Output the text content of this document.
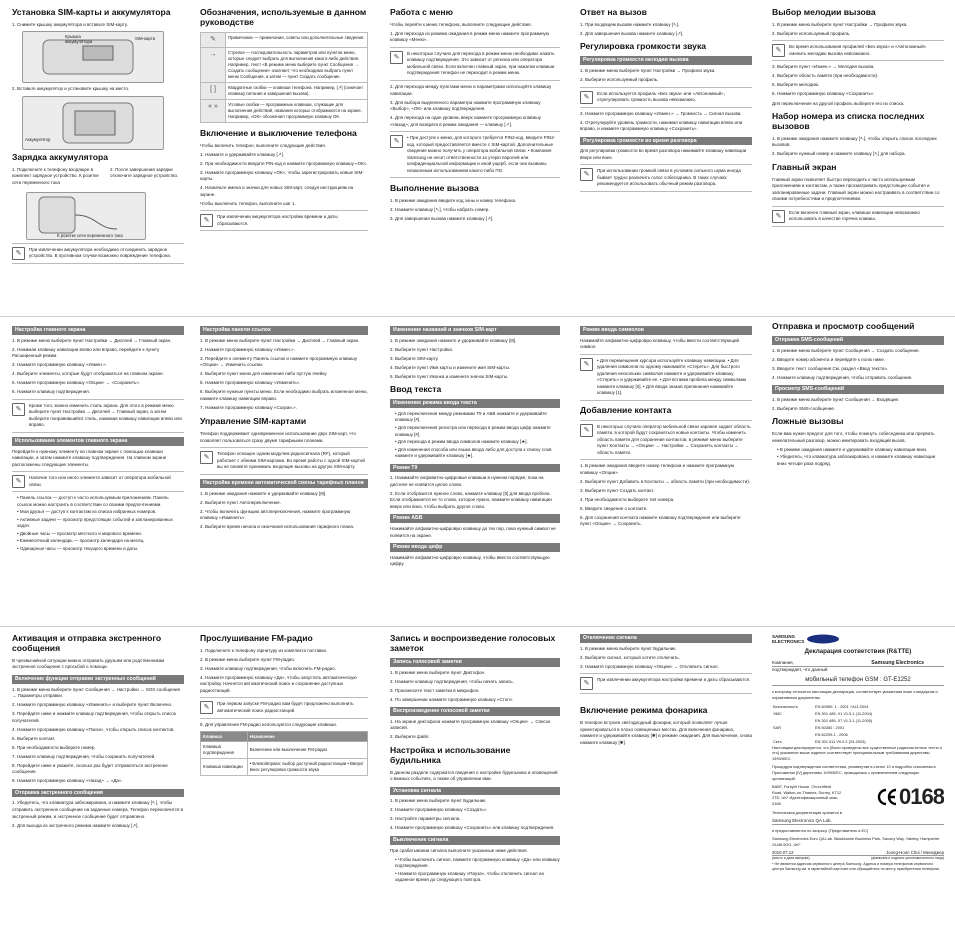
Установка SIM-карты и аккумулятора

1. Снимите крышку аккумулятора и вставьте SIM-карту.

Крышка аккумулятора
SIM-карта

2. Вставьте аккумулятор и установите крышку на место.

Аккумулятор
Зарядка аккумулятора

1. Подключите к телефону входящее в комплект зарядное устройство. К розетке сети переменного тока

2. После завершения зарядки отключите зарядное устройство.

К розетке сети переменного тока
✎

При извлечении аккумулятора необходимо отсоединить зарядное устройство. В противном случае возможно повреждение телефона.

Обозначения, используемые в данном руководстве
✎	Примечание — примечания, советы или дополнительные сведения.
→	Стрелка — последовательность параметров или пунктов меню, которые следует выбрать для выполнения какого-либо действия. Например, текст «В режиме меню выберите пункт Сообщения → Создать сообщение» означает, что необходимо выбрать пункт меню Сообщения, а затем — пункт Создать сообщение.
[ ]	Квадратные скобки — клавиши телефона. Например, [↗] (означает клавишу питания и завершения вызова).
« »	Угловые скобки — программные клавиши, служащие для выполнения действий, названия которых отображаются на экране. Например, «ОК» обозначает программную клавишу ОК.
Включение и выключение телефона

Чтобы включить телефон, выполните следующие действия.

1. Нажмите и удерживайте клавишу [↗].

2. При необходимости введите PIN-код и нажмите программную клавишу «ОК».

3. Нажмите программную клавишу «ОК», чтобы зарегистрировать новые SIM-карты.

4. Назначьте имена и значки для новых SIM-карт, следуя инструкциям на экране.

Чтобы выключить телефон, выполните шаг 1.

✎

При извлечении аккумулятора настройки времени и даты сбрасываются.

Работа с меню

Чтобы перейти к меню телефона, выполните следующие действия.

1. Для перехода из режима ожидания в режим меню нажмите программную клавишу «Меню».

✎

В некоторых случаях для перехода в режим меню необходимо нажать клавишу подтверждения. Это зависит от региона или оператора мобильной связи. Если включен главный экран, при нажатии клавиши подтверждения телефон не переходит в режим меню.

2. Для перехода между пунктами меню и параметрами используйте клавишу навигации.

3. Для выбора выделенного параметра нажмите программную клавишу «Выбор», «ОК» или клавишу подтверждения.

4. Для перехода на один уровень вверх нажмите программную клавишу «Назад»; для возврата в режим ожидания — клавишу [↗].

✎

• При доступе к меню, для которого требуется PIN2-код, введите PIN2-код, который предоставляется вместе с SIM-картой. Дополнительные сведения можно получить у оператора мобильной связи. • Компания Samsung не несет ответственности за утерю паролей или конфиденциальной информации и иной ущерб, если они вызваны незаконным использованием какого-либо ПО.

Выполнение вызова

1. В режиме ожидания введите код зоны и номер телефона.

2. Нажмите клавишу [↖], чтобы набрать номер.

3. Для завершения вызова нажмите клавишу [↗].

Ответ на вызов

1. При входящем вызове нажмите клавишу [↖].

2. Для завершения вызова нажмите клавишу [↗].

Регулировка громкости звука
Регулировка громкости мелодии вызова

1. В режиме меню выберите пункт Настройки → Профили звука.

2. Выберите используемый профиль.

✎

Если используется профиль «Без звука» или «Автономный», отрегулировать громкость вызова невозможно.

3. Нажмите программную клавишу «Измен.» → Громкость → Сигнал вызова.

4. Отрегулируйте уровень громкости, нажимая клавишу навигации влево или вправо, и нажмите программную клавишу «Сохранить».

Регулировка громкости во время разговора

Для регулировки громкости во время разговора нажимайте клавишу навигации вверх или вниз.

✎

При использовании громкой связи в условиях сильного шума иногда бывает трудно различить голос собеседника. В таких случаях рекомендуется использовать обычный режим разговора.

Выбор мелодии вызова

1. В режиме меню выберите пункт Настройки → Профили звука.

2. Выберите используемый профиль.

✎

Во время использования профилей «Без звука» и «Автономный» сменить мелодию вызова невозможно.

3. Выберите пункт «Измен.» → Мелодия вызова.

4. Выберите область памяти (при необходимости).

5. Выберите мелодию.

6. Нажмите программную клавишу «Сохранить».

Для переключения на другой профиль выберите его из списка.

Набор номера из списка последних вызовов

1. В режиме ожидания нажмите клавишу [↖], чтобы открыть список последних вызовов.

2. Выберите нужный номер и нажмите клавишу [↖] для набора.

Главный экран

Главный экран позволяет быстро переходить к часто используемым приложениям и контактам, а также просматривать предстоящие события и запланированные задачи. Главный экран можно настраивать в соответствии со своими потребностями и предпочтениями.

✎

Если включен главный экран, клавиши навигации невозможно использовать в качестве горячих клавиш.

Настройка главного экрана

1. В режиме меню выберите пункт Настройки → Дисплей → Главный экран.

2. Нажимая клавишу навигации влево или вправо, перейдите к пункту Расширенный режим.

3. Нажмите программную клавишу «Измен.».

4. Выберите элементы, которые будут отображаться на главном экране.

5. Нажмите программную клавишу «Опции» → «Сохранить».

6. Нажмите клавишу подтверждения.

✎

Кроме того, можно изменить стиль экрана. Для этого в режиме меню выберите пункт Настройки → Дисплей → Главный экран, а затем выберите понравившийся стиль, нажимая клавишу навигации влево или вправо.

Использование элементов главного экрана

Перейдите к нужному элементу на главном экране с помощью клавиши навигации, а затем нажмите клавишу подтверждения. На главном экране расположены следующие элементы.

✎

Наличие того или иного элемента зависит от оператора мобильной связи.

• Панель ссылок — доступ к часто используемым приложениям. Панель ссылок можно настроить в соответствии со своими предпочтениями.

• Мои друзья — доступ к контактам из списка избранных номеров.

• Активные задачи — просмотр предстоящих событий и запланированных задач.

• Двойные часы — просмотр местного и мирового времени.

• Ежемесячный календарь — просмотр календаря на месяц.

• Одинарные часы — просмотр текущего времени и даты.

Настройка панели ссылок

1. В режиме меню выберите пункт Настройки → Дисплей → Главный экран.

2. Нажмите программную клавишу «Измен.».

3. Перейдите к элементу Панель ссылок и нажмите программную клавишу «Опции» → Изменить ссылки.

4. Выберите пункт меню для изменения либо пустую ячейку.

5. Нажмите программную клавишу «Изменить».

6. Выберите нужные пункты меню. Если необходимо выбрать вложенное меню, нажмите клавишу навигации вправо.

7. Нажмите программную клавишу «Сохран.».

Управление SIM-картами

Телефон поддерживает одновременное использование двух SIM-карт, что позволяет пользоваться сразу двумя тарифными планами.

✎

Телефон оснащен одним модулем радиосигнала (RF), который работает с обеими SIM-картами. Во время работы с одной SIM-картой вы не сможете принимать входящие вызовы на другую SIM-карту.

Настройка времени автоматической смены тарифных планов

1. В режиме ожидания нажмите и удерживайте клавишу [⊟].

2. Выберите пункт Автопереключение.

3. Чтобы включить функцию автопереключения, нажмите программную клавишу «Изменить».

4. Выберите время начала и окончания использования тарифного плана.

Изменение названий и значков SIM-карт

1. В режиме ожидания нажмите и удерживайте клавишу [⊟].

2. Выберите пункт Настройка.

3. Выберите SIM-карту.

4. Выберите пункт Имя карты и измените имя SIM-карты.

5. Выберите пункт Иконка и измените значок SIM-карты.

Ввод текста
Изменение режима ввода текста

• Для переключения между режимами T9 и АБВ нажмите и удерживайте клавишу [#].

• Для переключения регистра или перехода в режим ввода цифр нажмите клавишу [#].

• Для перехода в режим ввода символов нажмите клавишу [★].

• Для изменения способа или языка ввода либо для доступа к списку слов нажмите и удерживайте клавишу [★].

Режим T9

1. Нажимайте алфавитно-цифровые клавиши в нужном порядке, пока на дисплее не появится целое слово.

2. Если отобразится нужное слово, нажмите клавишу [0] для ввода пробела. Если отображается не то слово, которое нужно, нажмите клавишу навигации вверх или вниз, чтобы выбрать другое слово.

Режим АБВ

Нажимайте алфавитно-цифровую клавишу до тех пор, пока нужный символ не появится на экране.

Режим ввода цифр

Нажимайте алфавитно-цифровую клавишу, чтобы ввести соответствующую цифру.

Режим ввода символов

Нажимайте алфавитно-цифровую клавишу, чтобы ввести соответствующий символ.

✎

• Для перемещения курсора используйте клавишу навигации. • Для удаления символов по одному нажимайте «Стереть». Для быстрого удаления нескольких символов нажмите и удерживайте клавишу «Стереть» и удерживайте ее. • Для вставки пробела между символами нажмите клавишу [0]. • Для ввода знаков препинания нажимайте клавишу [1].

Добавление контакта
✎

В некоторых случаях оператор мобильной связи заранее задает область памяти, в которой будут сохраняться новые контакты. Чтобы изменить область памяти для сохранения контактов, в режиме меню выберите пункт Контакты → «Опции» → Настройки → Сохранять контакты → область памяти.

1. В режиме ожидания введите номер телефона и нажмите программную клавишу «Опции».

2. Выберите пункт Добавить в Контакты → область памяти (при необходимости).

3. Выберите пункт Создать контакт.

4. При необходимости выберите тип номера.

5. Введите сведения о контакте.

6. Для сохранения контакта нажмите клавишу подтверждения или выберите пункт «Опции» → Сохранить.

Отправка и просмотр сообщений
Отправка SMS-сообщений

1. В режиме меню выберите пункт Сообщения → Создать сообщение.

2. Введите номер абонента и перейдите к полю ниже.

3. Введите текст сообщения См. раздел «Ввод текста».

4. Нажмите клавишу подтверждения, чтобы отправить сообщение.

Просмотр SMS-сообщений

1. В режиме меню выберите пункт Сообщения → Входящие.

2. Выберите SMS-сообщение.

Ложные вызовы

Если вам нужен предлог для того, чтобы покинуть собеседника или прервать нежелательный разговор, можно имитировать входящий вызов.

• В режиме ожидания нажмите и удерживайте клавишу навигации вниз.

• Убедитесь, что клавиатура заблокирована, и нажмите клавишу навигации вниз четыре раза подряд.

Активация и отправка экстренного сообщения

В чрезвычайной ситуации можно отправить друзьям или родственникам экстренное сообщение с просьбой о помощи.

Включение функции отправки экстренных сообщений

1. В режиме меню выберите пункт Сообщения → Настройки → SOS сообщения → Параметры отправки.

2. Нажмите программную клавишу «Изменить» и выберите пункт Включено.

3. Перейдите ниже и нажмите клавишу подтверждения, чтобы открыть список получателей.

4. Нажмите программную клавишу «Поиск», чтобы открыть список контактов.

5. Выберите контакт.

6. При необходимости выберите номер.

7. Нажмите клавишу подтверждения, чтобы сохранить получателей.

8. Перейдите ниже и укажите, сколько раз будет отправляться экстренное сообщение.

9. Нажмите программную клавишу «Назад» → «Да».

Отправка экстренного сообщения

1. Убедитесь, что клавиатура заблокирована, и нажмите клавишу [↖], чтобы отправить экстренное сообщение на заданные номера. Телефон переключится в экстренный режим, и экстренное сообщение будет отправлено.

2. Для выхода из экстренного режима нажмите клавишу [↗].

Прослушивание FM-радио

1. Подключите к телефону гарнитуру из комплекта поставки.

2. В режиме меню выберите пункт FM-радио.

3. Нажмите клавишу подтверждения, чтобы включить FM-радио.

4. Нажмите программную клавишу «Да», чтобы запустить автоматическую настройку. Начнется автоматический поиск и сохранение доступных радиостанций.

✎

При первом запуске FM-радио вам будет предложено выполнить автоматический поиск радиостанций.

5. Для управления FM-радио используются следующие клавиши.

Клавиша	Назначение
Клавиша подтверждения	Включение или выключение FM-радио
Клавиша навигации	• Влево/вправо: выбор доступной радиостанции • Вверх/вниз: регулировка громкости звука
Запись и воспроизведение голосовых заметок
Запись голосовой заметки

1. В режиме меню выберите пункт Диктофон.

2. Нажмите клавишу подтверждения, чтобы начать запись.

3. Произнесите текст заметки в микрофон.

4. По завершении нажмите программную клавишу «Стоп».

Воспроизведение голосовой заметки

1. На экране диктофона нажмите программную клавишу «Опции» → Список записей.

2. Выберите файл.

Настройка и использование будильника

В данном разделе содержатся сведения о настройке будильника и оповещений о важных событиях, а также об управлении ими.

Установка сигнала

1. В режиме меню выберите пункт Будильник.

2. Нажмите программную клавишу «Создать».

3. Настройте параметры сигнала.

4. Нажмите программную клавишу «Сохранить» или клавишу подтверждения.

Выключение сигнала

При срабатывании сигнала выполните указанные ниже действия.

• Чтобы выключить сигнал, нажмите программную клавишу «Да» или клавишу подтверждения.

• Нажмите программную клавишу «Пауза», чтобы отключить сигнал на заданное время до следующего повтора.

Отключение сигнала

1. В режиме меню выберите пункт Будильник.

2. Выберите сигнал, который хотите отключить.

3. Нажмите программную клавишу «Опции» → Отключить сигнал.

✎

При извлечении аккумулятора настройки времени и даты сбрасываются.

Включение режима фонарика

В телефон встроен светодиодный фонарик, который позволяет лучше ориентироваться в плохо освещенных местах. Для включения фонарика, нажмите и удерживайте клавишу [✱] в режиме ожидания. Для выключения, снова нажмите клавишу [✱].

SAMSUNG ELECTRONICS

Декларация соответствия (R&TTE)

Компания,	Samsung Electronics

подтверждает, что данный

мобильный телефон GSM : GT-E1252

к которому относится настоящая декларация, соответствует указанным ниже стандартам и нормативным документам.

Безопасность	EN 60950- 1 : 2001 +A11:2004
ЭМС	EN 301 489- 01 V1.5.1 (11-2004)
	EN 301 489- 07 V1.3.1 (11-2005)
SAR	EN 50360 : 2001
	EN 62209-1 : 2006
Сеть	EN 301 511 V9.0.2 (03-2003)

Настоящим декларируется, что [были проведены все существенные радиочастотные тесты и что] указанное выше изделие соответствует принципиальным требованиям директивы 1999/5/EC.

Процедура подтверждения соответствия, упомянутая в статье 10 и подробно описанная в Приложении [IV] директивы 1999/5/EC, проводилась с привлечением следующих организаций:

BABT, Forsyth House, Churchfield Road, Walton-on-Thames, Surrey, KT12 2TD, UK* Идентификационный знак: 0168	0168

Техническая документация хранится в

Samsung Electronics QA Lab.

и предоставляется по запросу. (Представитель в ЕС)

Samsung Electronics Euro QA Lab. Blackbushe Business Park, Saxony Way, Yateley, Hampshire, GU46 6GG, UK*

2010.07.12	Joong-Hoon Choi / Менеджер
(место и дата выпуска)	(фамилия и подпись уполномоченного лица)

* Не является адресом сервисного центра Samsung. Адреса и номера телефонов сервисного центра Samsung см. в гарантийной карточке или обращайтесь по месту приобретения телефона.
